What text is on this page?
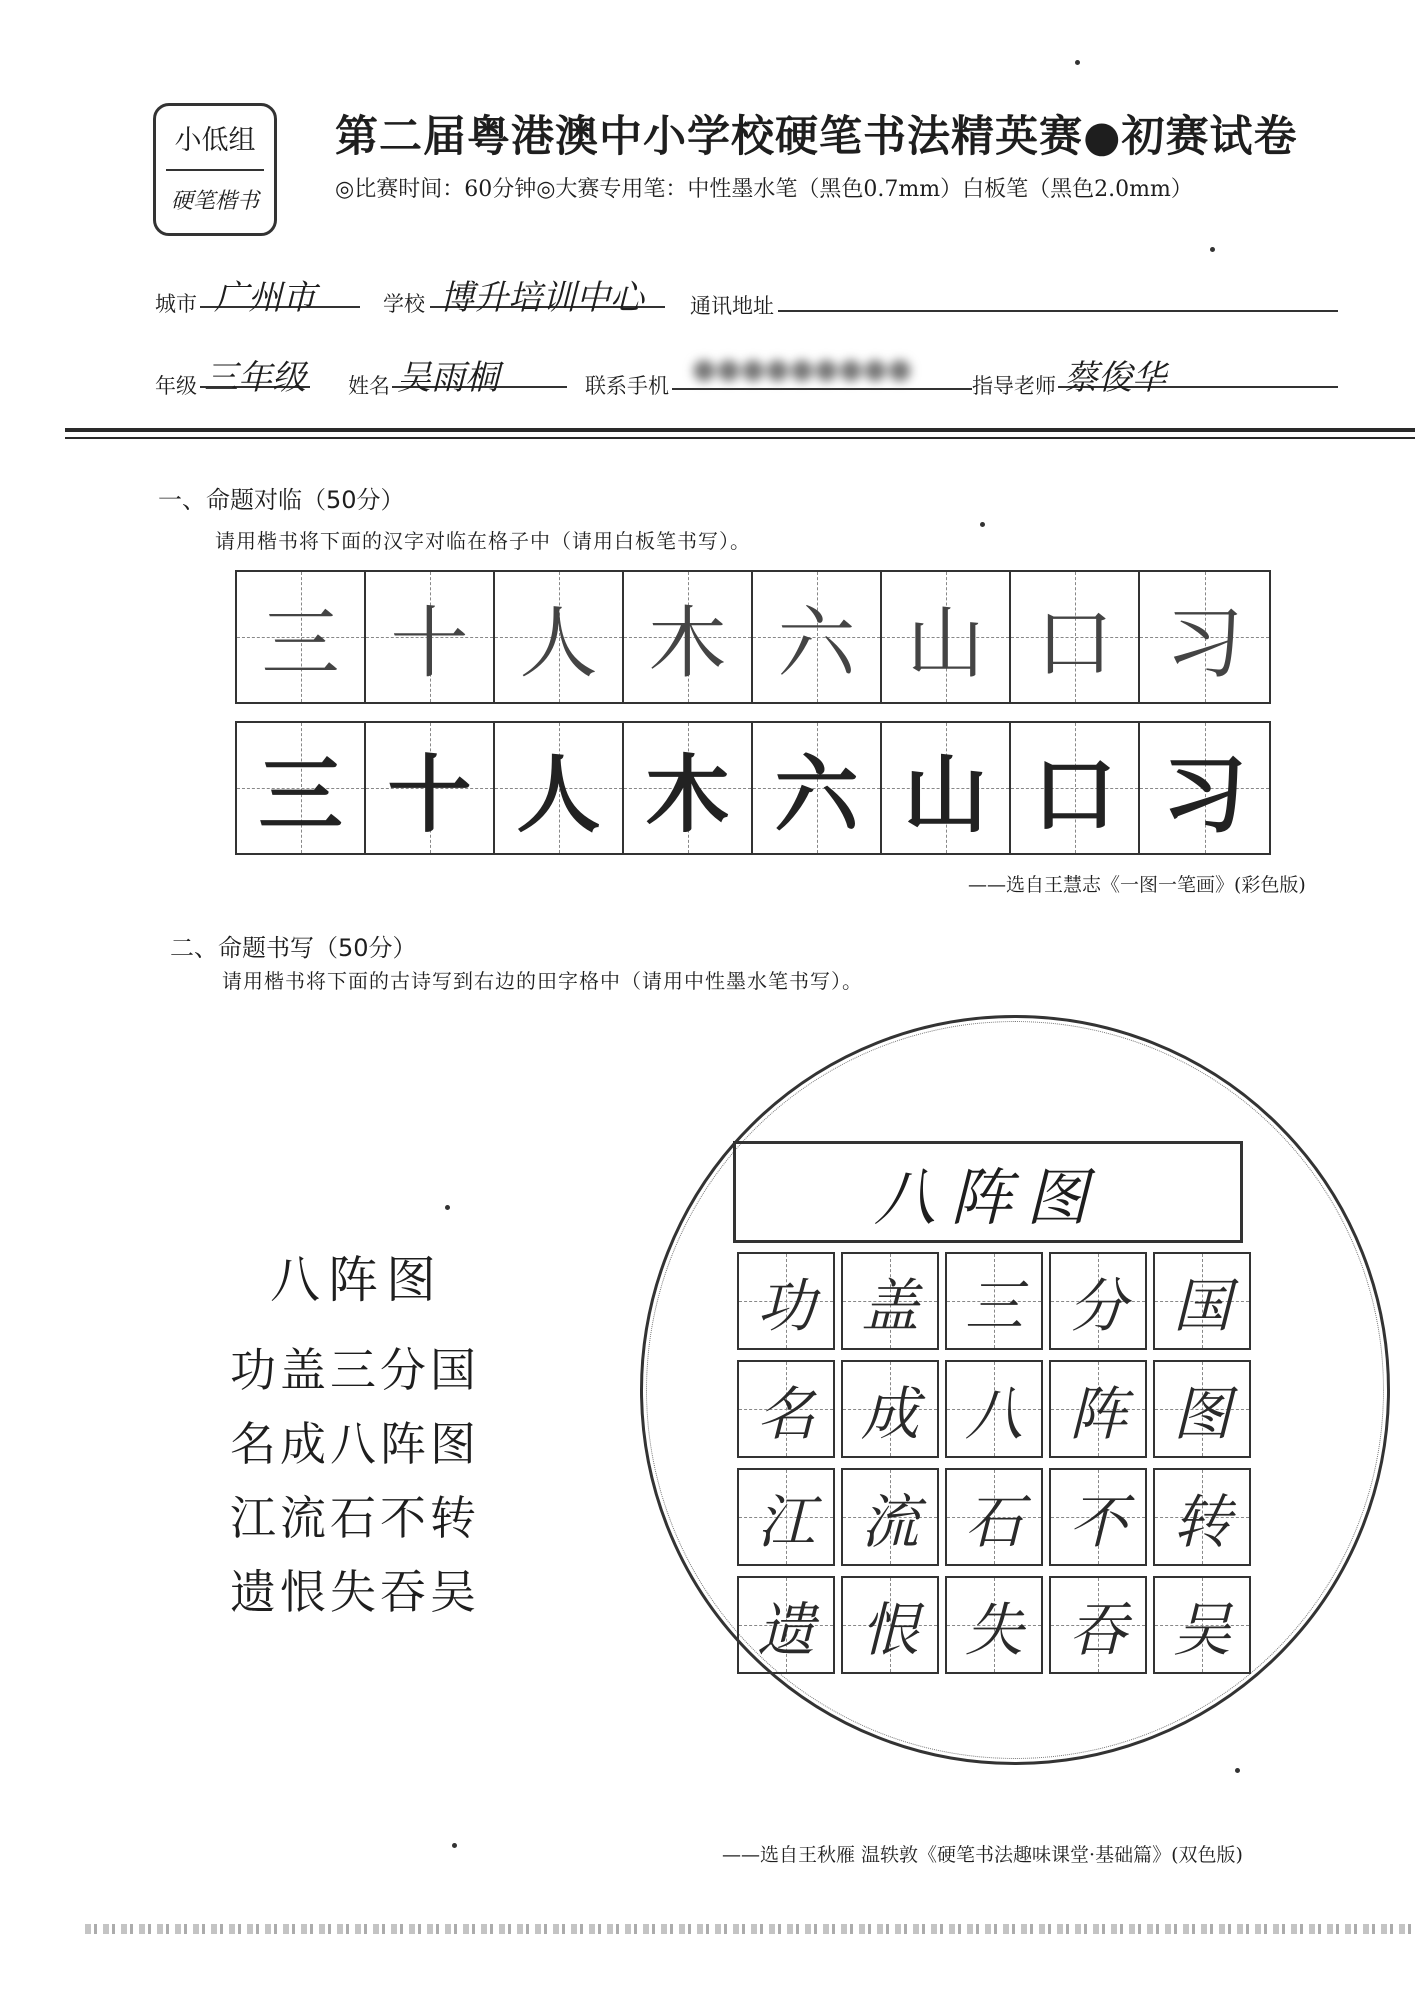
小低组
硬笔楷书
第二届粤港澳中小学校硬笔书法精英赛●初赛试卷
◎比赛时间：60分钟◎大赛专用笔：中性墨水笔（黑色0.7mm）白板笔（黑色2.0mm）
城市 广州市	学校 博升培训中心 通讯地址
年级 三年级 姓名 吴雨桐	联系手机
●●●●●●●●●
指导老师 蔡俊华
一、命题对临（50分）
请用楷书将下面的汉字对临在格子中（请用白板笔书写）。
三 十 人 木 六 山 口 习
三 十 人 木 六 山 口 习
——选自王慧志《一图一笔画》(彩色版)
二、命题书写（50分）
请用楷书将下面的古诗写到右边的田字格中（请用中性墨水笔书写）。
八阵图
功盖三分国
名成八阵图
江流石不转
遗恨失吞吴
八阵图
功 盖 三 分 国
名 成 八 阵 图
江 流 石 不 转
遗 恨 失 吞 吴
——选自王秋雁 温轶敦《硬笔书法趣味课堂·基础篇》(双色版)
